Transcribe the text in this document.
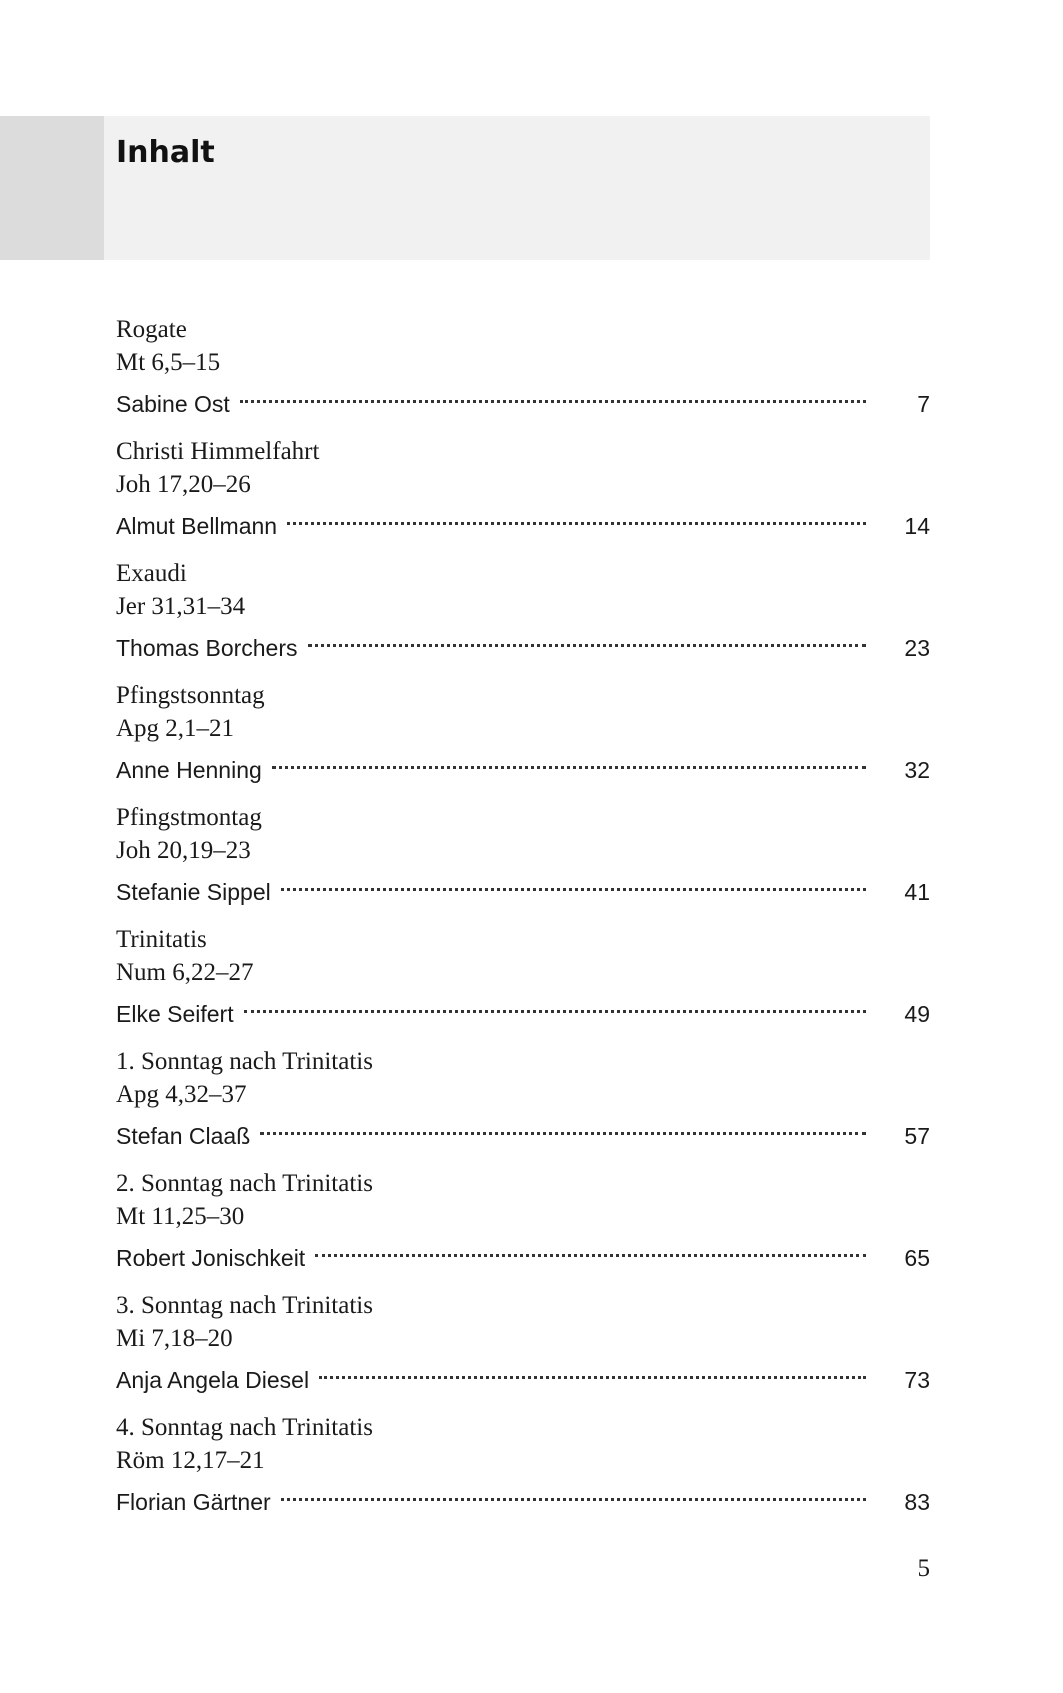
Inhalt
Rogate
Mt 6,5–15
Sabine Ost	7
Christi Himmelfahrt
Joh 17,20–26
Almut Bellmann	14
Exaudi
Jer 31,31–34
Thomas Borchers	23
Pfingstsonntag
Apg 2,1–21
Anne Henning	32
Pfingstmontag
Joh 20,19–23
Stefanie Sippel	41
Trinitatis
Num 6,22–27
Elke Seifert	49
1. Sonntag nach Trinitatis
Apg 4,32–37
Stefan Claaß	57
2. Sonntag nach Trinitatis
Mt 11,25–30
Robert Jonischkeit	65
3. Sonntag nach Trinitatis
Mi 7,18–20
Anja Angela Diesel	73
4. Sonntag nach Trinitatis
Röm 12,17–21
Florian Gärtner	83
5
